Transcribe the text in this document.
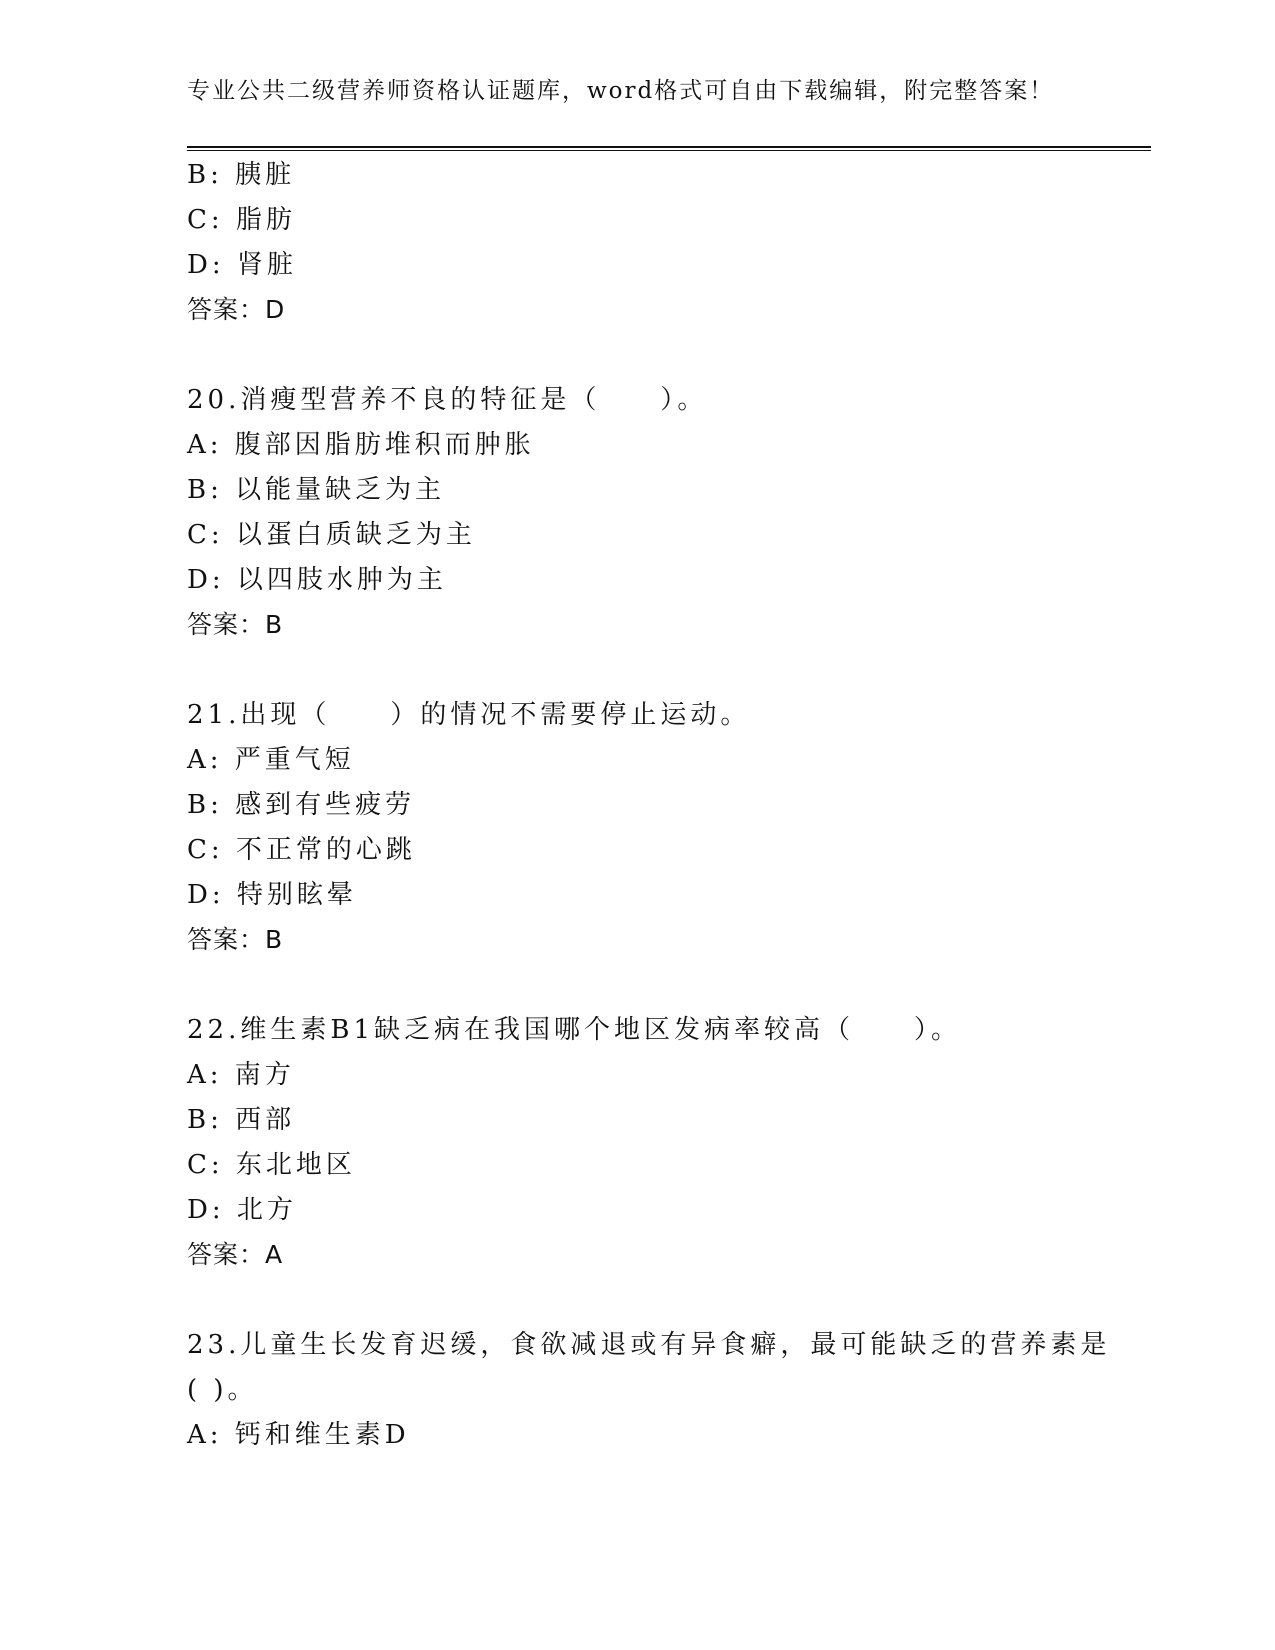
专业公共二级营养师资格认证题库，word格式可自由下载编辑，附完整答案！
B: 胰脏
C: 脂肪
D: 肾脏
答案：D
20.消瘦型营养不良的特征是（　　）。
A: 腹部因脂肪堆积而肿胀
B: 以能量缺乏为主
C: 以蛋白质缺乏为主
D: 以四肢水肿为主
答案：B
21.出现（　　）的情况不需要停止运动。
A: 严重气短
B: 感到有些疲劳
C: 不正常的心跳
D: 特别眩晕
答案：B
22.维生素B1缺乏病在我国哪个地区发病率较高（　　）。
A: 南方
B: 西部
C: 东北地区
D: 北方
答案：A
23.儿童生长发育迟缓，食欲减退或有异食癖，最可能缺乏的营养素是
( )。
A: 钙和维生素D
